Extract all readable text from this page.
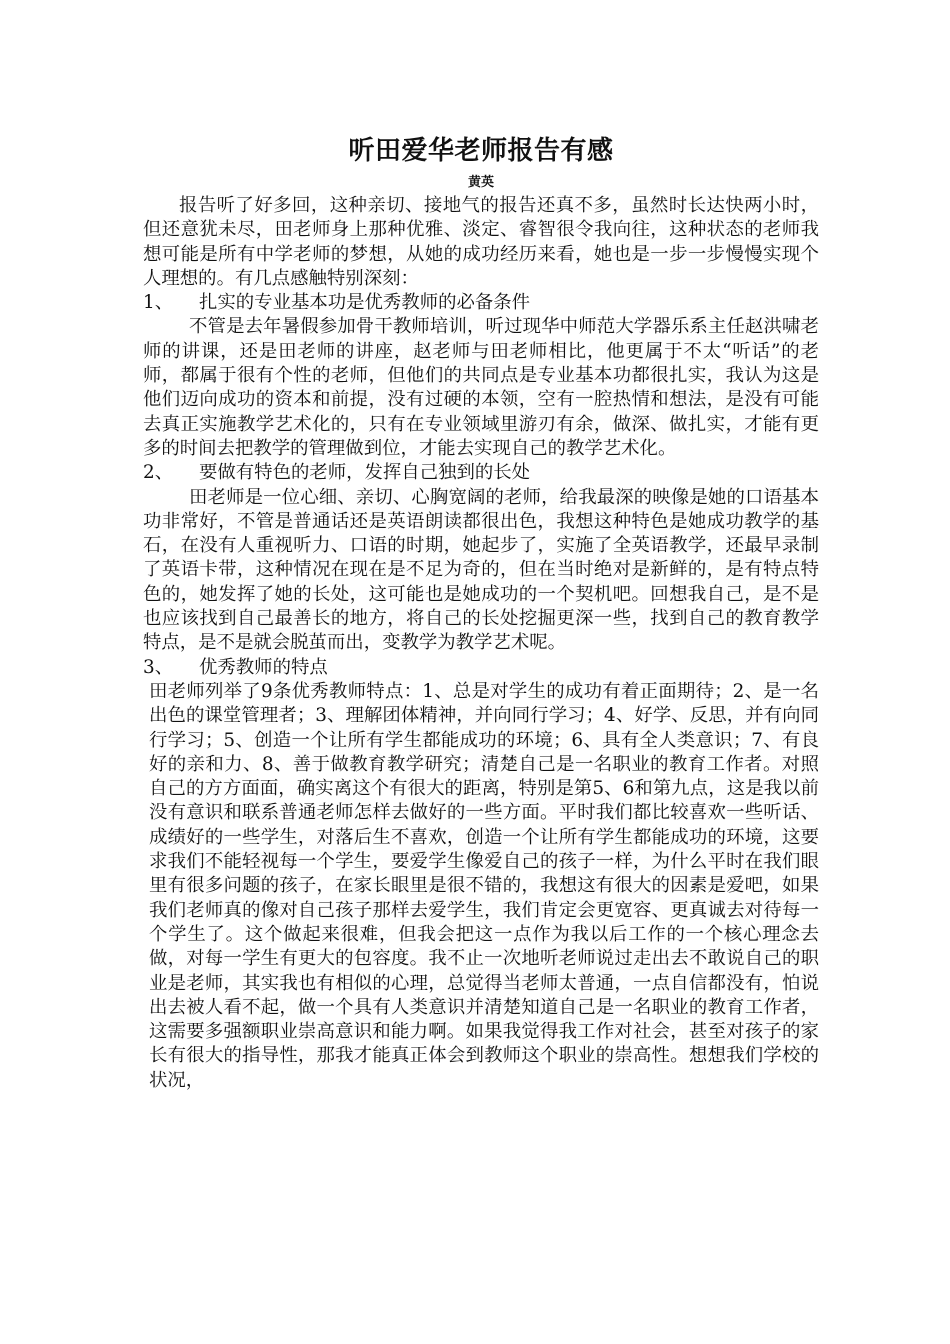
听田爱华老师报告有感
黄英

报告听了好多回，这种亲切、接地气的报告还真不多，虽然时长达快两小时，但还意犹未尽，田老师身上那种优雅、淡定、睿智很令我向往，这种状态的老师我想可能是所有中学老师的梦想，从她的成功经历来看，她也是一步一步慢慢实现个人理想的。有几点感触特别深刻：

1、	扎实的专业基本功是优秀教师的必备条件

不管是去年暑假参加骨干教师培训，听过现华中师范大学器乐系主任赵洪啸老师的讲课，还是田老师的讲座，赵老师与田老师相比，他更属于不太“听话”的老师，都属于很有个性的老师，但他们的共同点是专业基本功都很扎实，我认为这是他们迈向成功的资本和前提，没有过硬的本领，空有一腔热情和想法，是没有可能去真正实施教学艺术化的，只有在专业领域里游刃有余，做深、做扎实，才能有更多的时间去把教学的管理做到位，才能去实现自己的教学艺术化。

2、	要做有特色的老师，发挥自己独到的长处

田老师是一位心细、亲切、心胸宽阔的老师，给我最深的映像是她的口语基本功非常好，不管是普通话还是英语朗读都很出色，我想这种特色是她成功教学的基石，在没有人重视听力、口语的时期，她起步了，实施了全英语教学，还最早录制了英语卡带，这种情况在现在是不足为奇的，但在当时绝对是新鲜的，是有特点特色的，她发挥了她的长处，这可能也是她成功的一个契机吧。回想我自己，是不是也应该找到自己最善长的地方，将自己的长处挖掘更深一些，找到自己的教育教学特点，是不是就会脱茧而出，变教学为教学艺术呢。

3、	优秀教师的特点

田老师列举了9条优秀教师特点：1、总是对学生的成功有着正面期待；2、是一名出色的课堂管理者；3、理解团体精神，并向同行学习；4、好学、反思，并有向同行学习；5、创造一个让所有学生都能成功的环境；6、具有全人类意识；7、有良好的亲和力、8、善于做教育教学研究；清楚自己是一名职业的教育工作者。对照自己的方方面面，确实离这个有很大的距离，特别是第5、6和第九点，这是我以前没有意识和联系普通老师怎样去做好的一些方面。平时我们都比较喜欢一些听话、成绩好的一些学生，对落后生不喜欢，创造一个让所有学生都能成功的环境，这要求我们不能轻视每一个学生，要爱学生像爱自己的孩子一样，为什么平时在我们眼里有很多问题的孩子，在家长眼里是很不错的，我想这有很大的因素是爱吧，如果我们老师真的像对自己孩子那样去爱学生，我们肯定会更宽容、更真诚去对待每一个学生了。这个做起来很难，但我会把这一点作为我以后工作的一个核心理念去做，对每一学生有更大的包容度。我不止一次地听老师说过走出去不敢说自己的职业是老师，其实我也有相似的心理，总觉得当老师太普通，一点自信都没有，怕说出去被人看不起，做一个具有人类意识并清楚知道自己是一名职业的教育工作者，这需要多强额职业崇高意识和能力啊。如果我觉得我工作对社会，甚至对孩子的家长有很大的指导性，那我才能真正体会到教师这个职业的崇高性。想想我们学校的状况，
